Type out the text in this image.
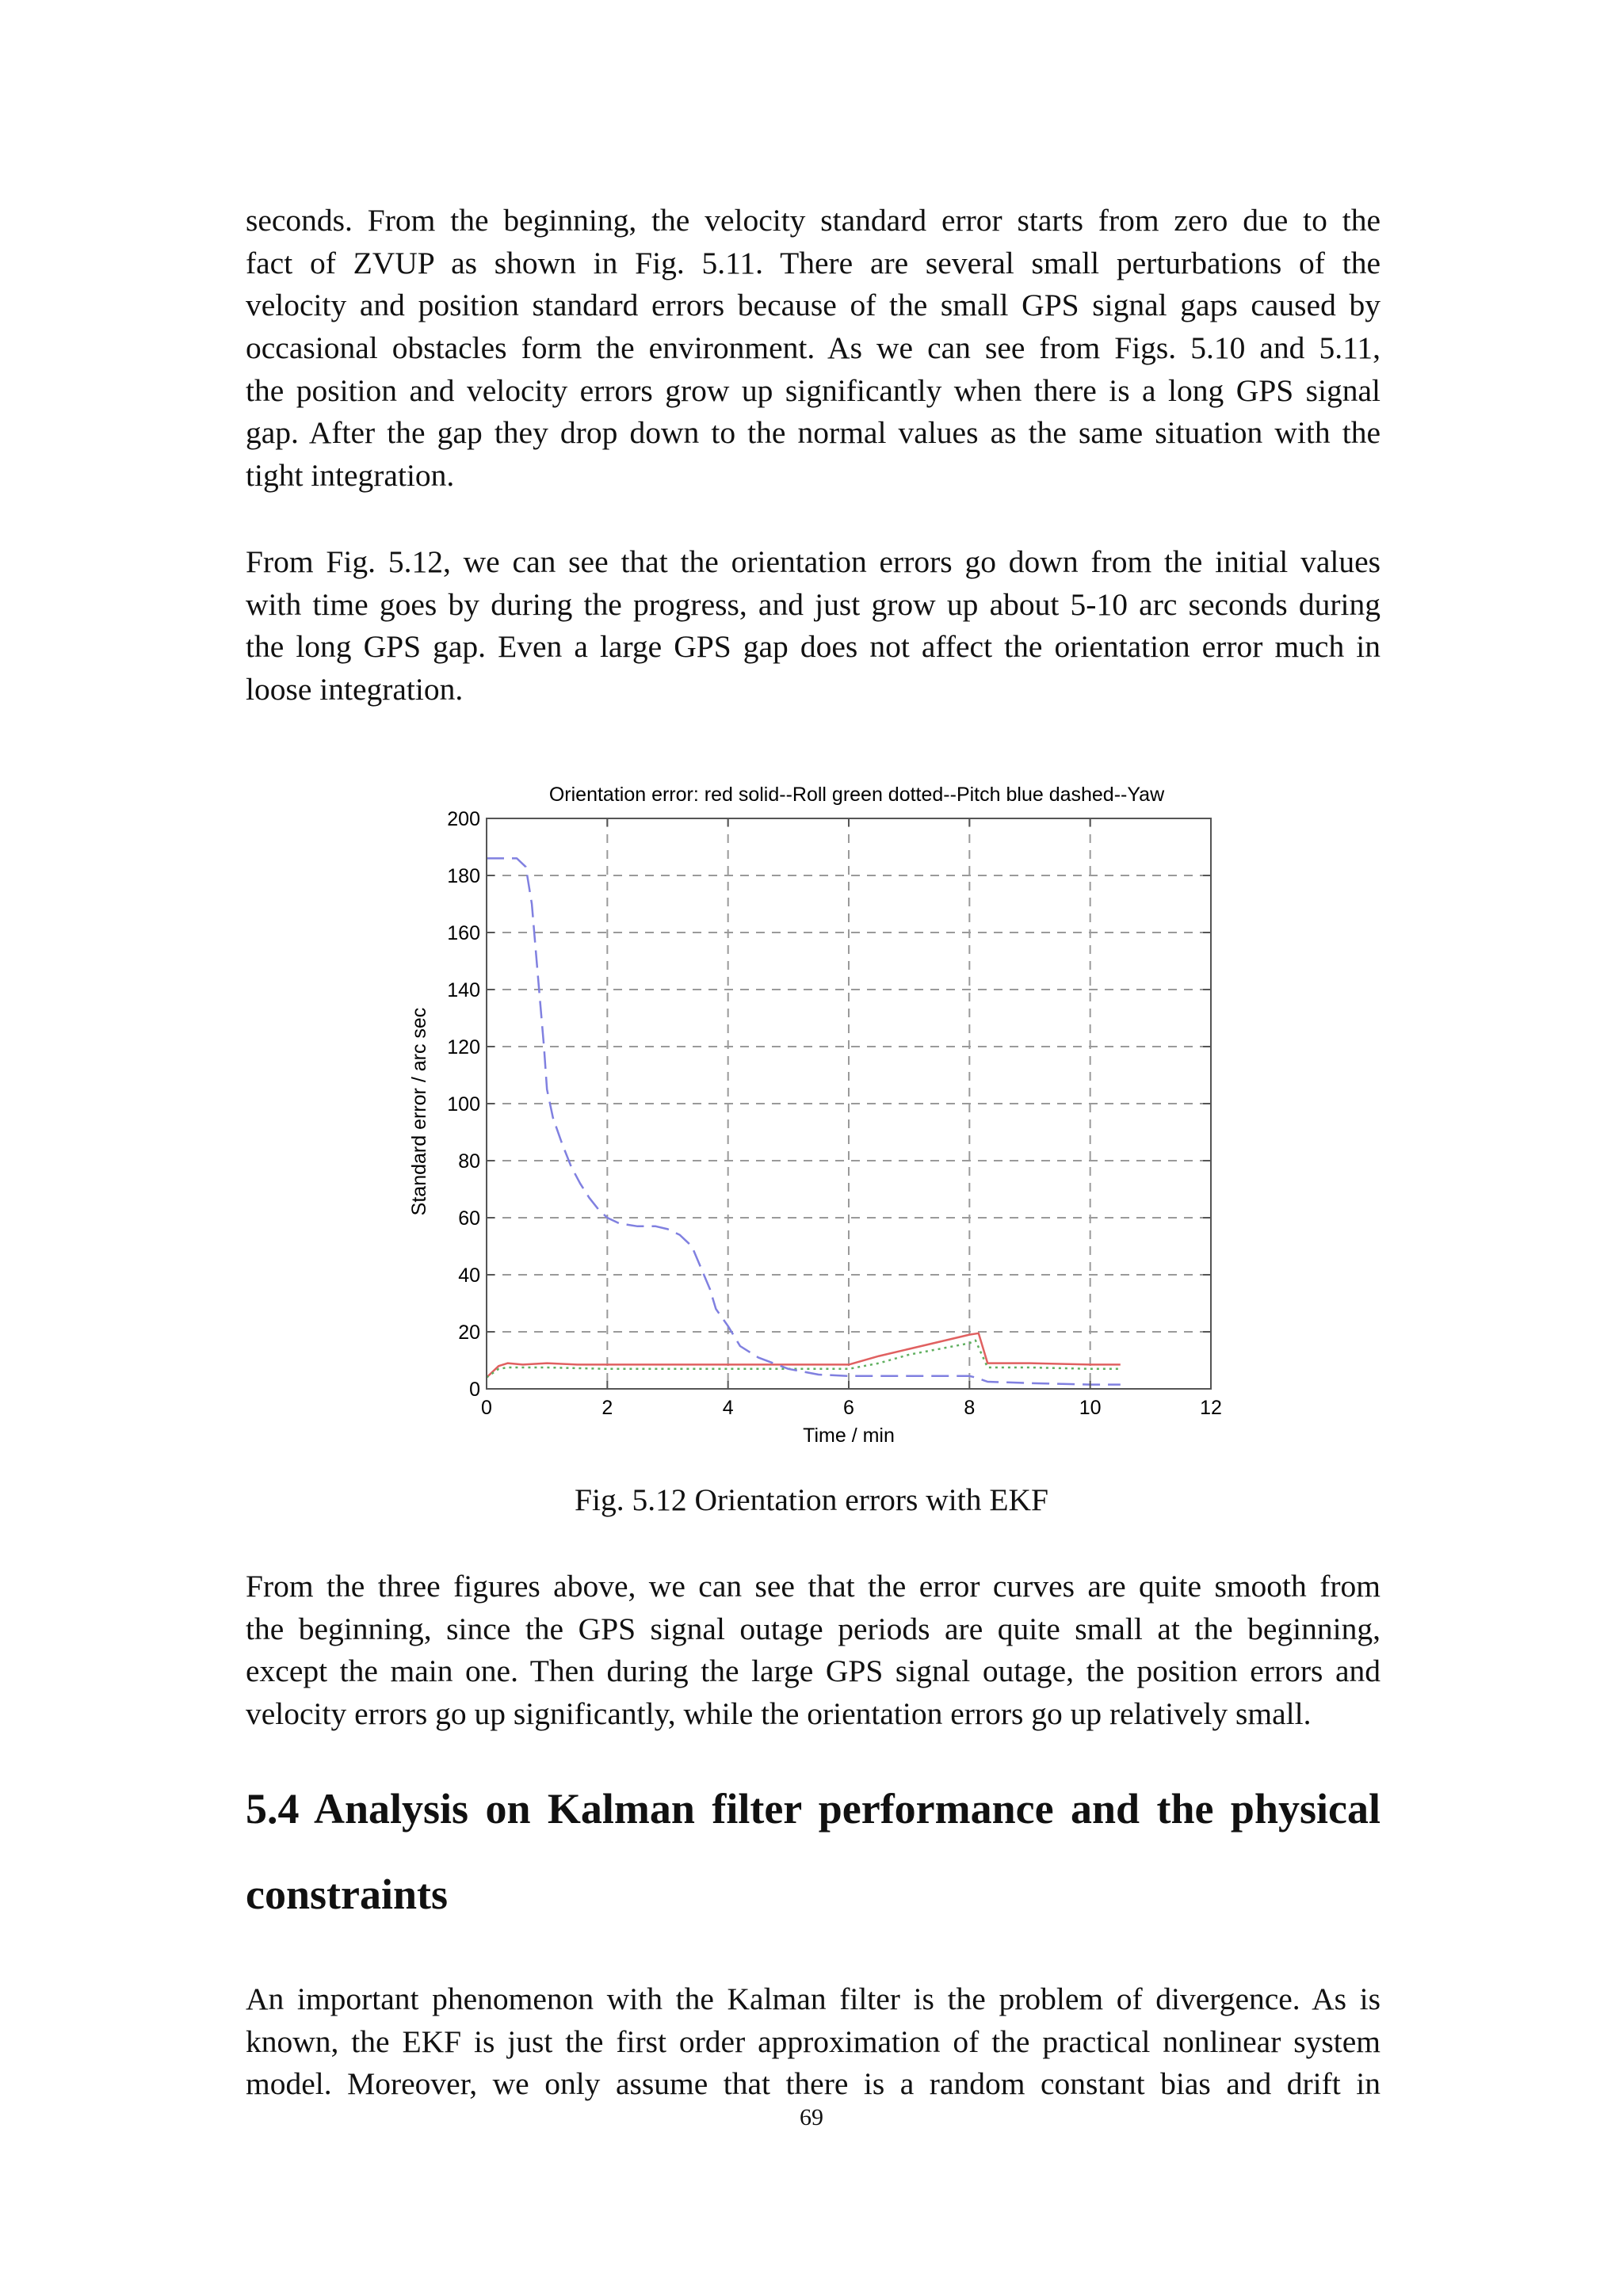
seconds. From the beginning, the velocity standard error starts from zero due to the
fact of ZVUP as shown in Fig. 5.11. There are several small perturbations of the
velocity and position standard errors because of the small GPS signal gaps caused by
occasional obstacles form the environment. As we can see from Figs. 5.10 and 5.11,
the position and velocity errors grow up significantly when there is a long GPS signal
gap. After the gap they drop down to the normal values as the same situation with the
tight integration.
From Fig. 5.12, we can see that the orientation errors go down from the initial values
with time goes by during the progress, and just grow up about 5-10 arc seconds during
the long GPS gap. Even a large GPS gap does not affect the orientation error much in
loose integration.
0	2	4	6	8	10	12
0
20
40
60
80
100
120
140
160
180
200
Orientation error: red solid--Roll green dotted--Pitch blue dashed--Yaw
Time / min
Standard error / arc sec
Fig. 5.12 Orientation errors with EKF
From the three figures above, we can see that the error curves are quite smooth from
the beginning, since the GPS signal outage periods are quite small at the beginning,
except the main one. Then during the large GPS signal outage, the position errors and
velocity errors go up significantly, while the orientation errors go up relatively small.
5.4 Analysis on Kalman filter performance and the physical
constraints
An important phenomenon with the Kalman filter is the problem of divergence. As is
known, the EKF is just the first order approximation of the practical nonlinear system
model. Moreover, we only assume that there is a random constant bias and drift in
69
